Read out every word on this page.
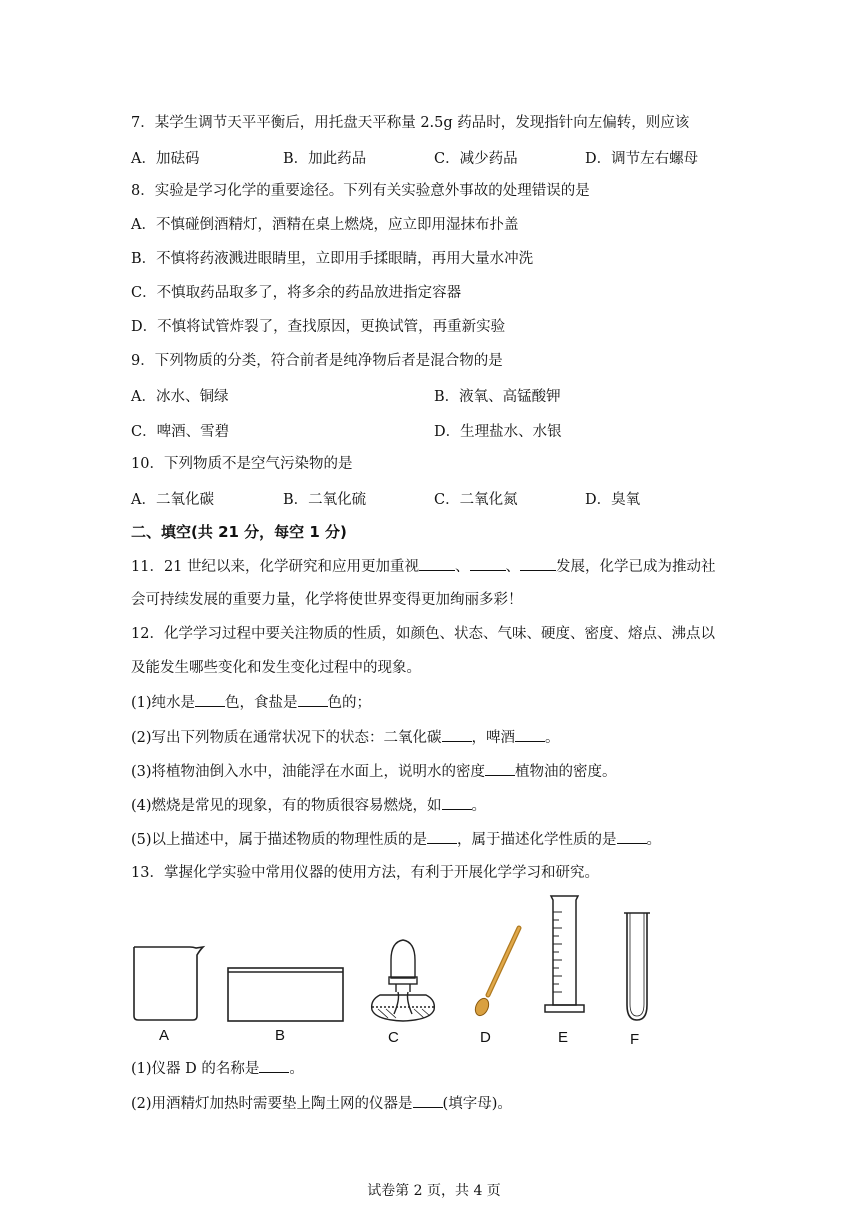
7．某学生调节天平平衡后，用托盘天平称量 2.5g 药品时，发现指针向左偏转，则应该
A．加砝码	B．加此药品	C．减少药品	D．调节左右螺母
8．实验是学习化学的重要途径。下列有关实验意外事故的处理错误的是
A．不慎碰倒酒精灯，酒精在桌上燃烧，应立即用湿抹布扑盖
B．不慎将药液溅进眼睛里，立即用手揉眼睛，再用大量水冲洗
C．不慎取药品取多了，将多余的药品放进指定容器
D．不慎将试管炸裂了，查找原因，更换试管，再重新实验
9．下列物质的分类，符合前者是纯净物后者是混合物的是
A．冰水、铜绿	B．液氧、高锰酸钾
C．啤酒、雪碧	D．生理盐水、水银
10．下列物质不是空气污染物的是
A．二氧化碳	B．二氧化硫	C．二氧化氮	D．臭氧
二、填空(共 21 分，每空 1 分)
11．21 世纪以来，化学研究和应用更加重视 、 、 发展，化学已成为推动社
会可持续发展的重要力量，化学将使世界变得更加绚丽多彩！
12．化学学习过程中要关注物质的性质，如颜色、状态、气味、硬度、密度、熔点、沸点以
及能发生哪些变化和发生变化过程中的现象。
(1)纯水是 色，食盐是 色的；
(2)写出下列物质在通常状况下的状态：二氧化碳 ，啤酒 。
(3)将植物油倒入水中，油能浮在水面上，说明水的密度 植物油的密度。
(4)燃烧是常见的现象，有的物质很容易燃烧，如 。
(5)以上描述中，属于描述物质的物理性质的是 ，属于描述化学性质的是 。
13．掌握化学实验中常用仪器的使用方法，有利于开展化学学习和研究。
A	B	C	D	E	F
(1)仪器 D 的名称是 。
(2)用酒精灯加热时需要垫上陶土网的仪器是 (填字母)。
试卷第 2 页，共 4 页
